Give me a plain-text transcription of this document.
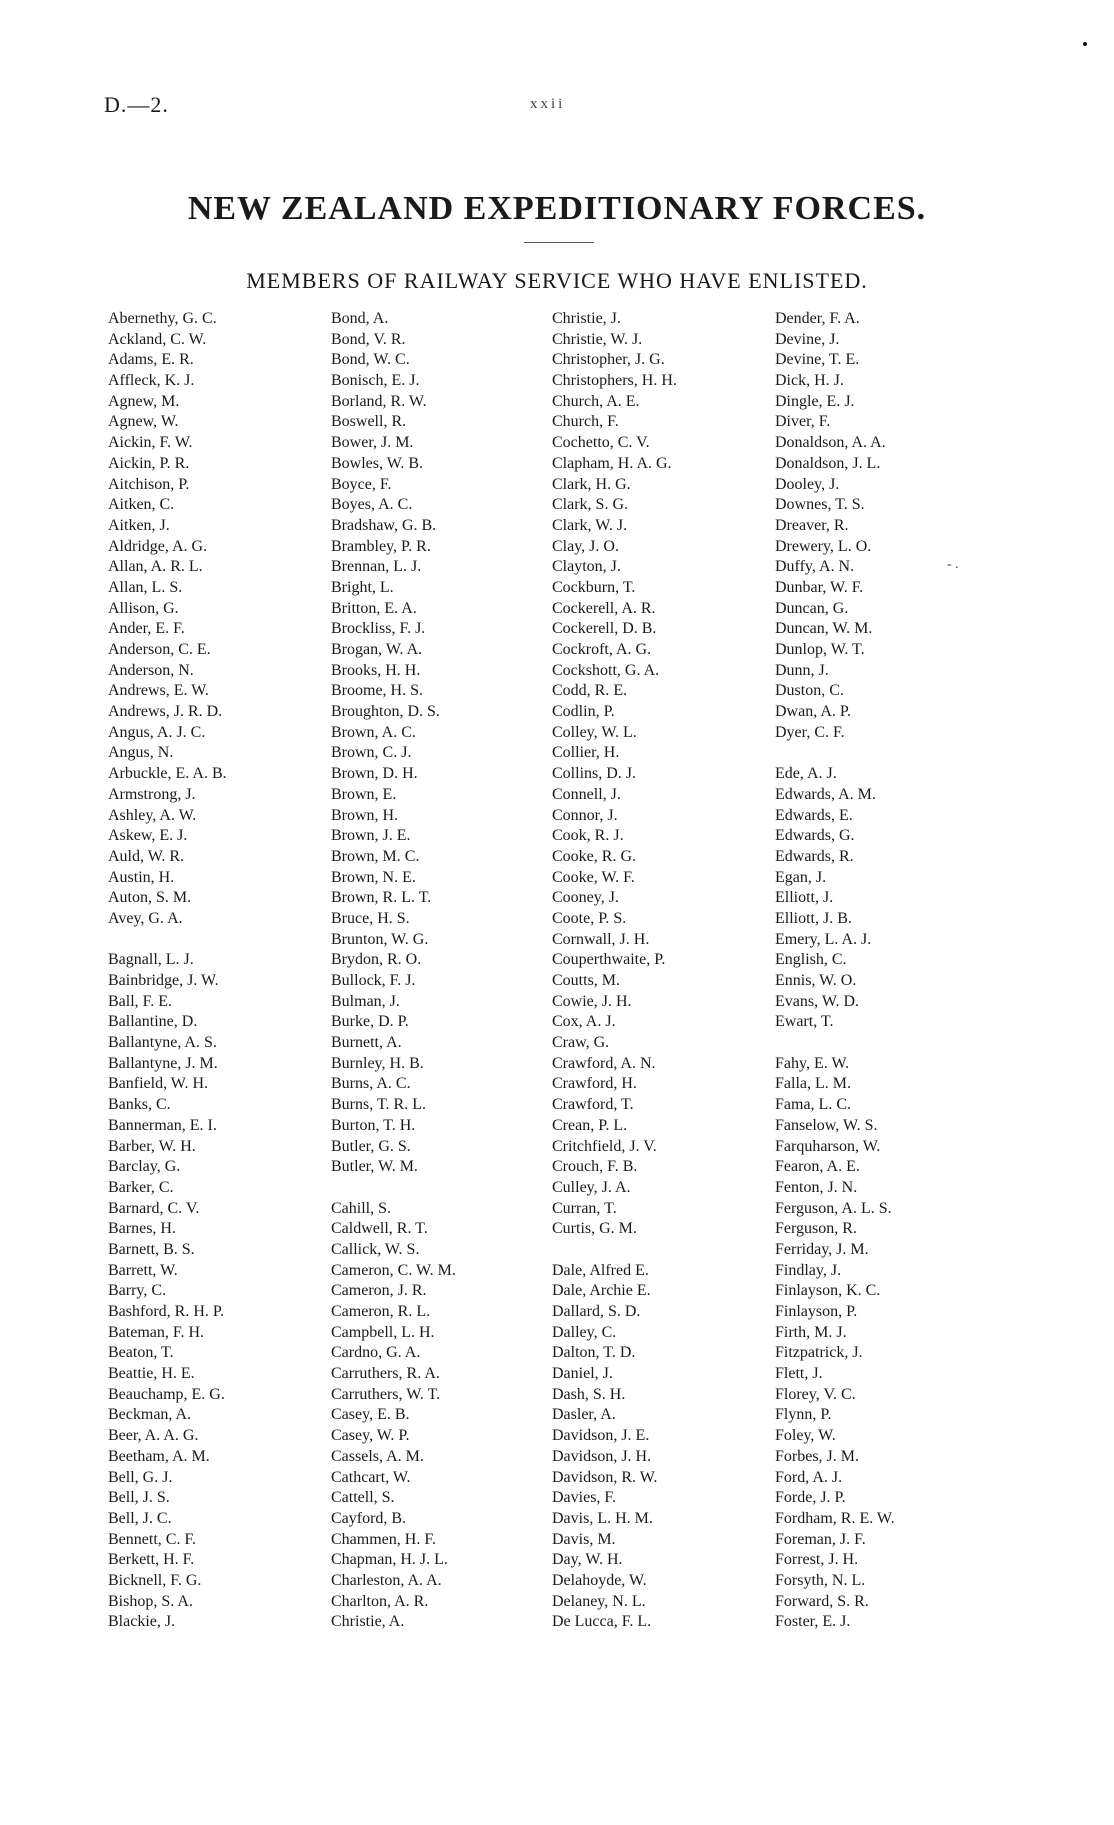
D.—2.	xxii
NEW ZEALAND EXPEDITIONARY FORCES.
MEMBERS OF RAILWAY SERVICE WHO HAVE ENLISTED.
‑ .
Abernethy, G. C.
Ackland, C. W.
Adams, E. R.
Affleck, K. J.
Agnew, M.
Agnew, W.
Aickin, F. W.
Aickin, P. R.
Aitchison, P.
Aitken, C.
Aitken, J.
Aldridge, A. G.
Allan, A. R. L.
Allan, L. S.
Allison, G.
Ander, E. F.
Anderson, C. E.
Anderson, N.
Andrews, E. W.
Andrews, J. R. D.
Angus, A. J. C.
Angus, N.
Arbuckle, E. A. B.
Armstrong, J.
Ashley, A. W.
Askew, E. J.
Auld, W. R.
Austin, H.
Auton, S. M.
Avey, G. A.
Bagnall, L. J.
Bainbridge, J. W.
Ball, F. E.
Ballantine, D.
Ballantyne, A. S.
Ballantyne, J. M.
Banfield, W. H.
Banks, C.
Bannerman, E. I.
Barber, W. H.
Barclay, G.
Barker, C.
Barnard, C. V.
Barnes, H.
Barnett, B. S.
Barrett, W.
Barry, C.
Bashford, R. H. P.
Bateman, F. H.
Beaton, T.
Beattie, H. E.
Beauchamp, E. G.
Beckman, A.
Beer, A. A. G.
Beetham, A. M.
Bell, G. J.
Bell, J. S.
Bell, J. C.
Bennett, C. F.
Berkett, H. F.
Bicknell, F. G.
Bishop, S. A.
Blackie, J.
Bond, A.
Bond, V. R.
Bond, W. C.
Bonisch, E. J.
Borland, R. W.
Boswell, R.
Bower, J. M.
Bowles, W. B.
Boyce, F.
Boyes, A. C.
Bradshaw, G. B.
Brambley, P. R.
Brennan, L. J.
Bright, L.
Britton, E. A.
Brockliss, F. J.
Brogan, W. A.
Brooks, H. H.
Broome, H. S.
Broughton, D. S.
Brown, A. C.
Brown, C. J.
Brown, D. H.
Brown, E.
Brown, H.
Brown, J. E.
Brown, M. C.
Brown, N. E.
Brown, R. L. T.
Bruce, H. S.
Brunton, W. G.
Brydon, R. O.
Bullock, F. J.
Bulman, J.
Burke, D. P.
Burnett, A.
Burnley, H. B.
Burns, A. C.
Burns, T. R. L.
Burton, T. H.
Butler, G. S.
Butler, W. M.
Cahill, S.
Caldwell, R. T.
Callick, W. S.
Cameron, C. W. M.
Cameron, J. R.
Cameron, R. L.
Campbell, L. H.
Cardno, G. A.
Carruthers, R. A.
Carruthers, W. T.
Casey, E. B.
Casey, W. P.
Cassels, A. M.
Cathcart, W.
Cattell, S.
Cayford, B.
Chammen, H. F.
Chapman, H. J. L.
Charleston, A. A.
Charlton, A. R.
Christie, A.
Christie, J.
Christie, W. J.
Christopher, J. G.
Christophers, H. H.
Church, A. E.
Church, F.
Cochetto, C. V.
Clapham, H. A. G.
Clark, H. G.
Clark, S. G.
Clark, W. J.
Clay, J. O.
Clayton, J.
Cockburn, T.
Cockerell, A. R.
Cockerell, D. B.
Cockroft, A. G.
Cockshott, G. A.
Codd, R. E.
Codlin, P.
Colley, W. L.
Collier, H.
Collins, D. J.
Connell, J.
Connor, J.
Cook, R. J.
Cooke, R. G.
Cooke, W. F.
Cooney, J.
Coote, P. S.
Cornwall, J. H.
Couperthwaite, P.
Coutts, M.
Cowie, J. H.
Cox, A. J.
Craw, G.
Crawford, A. N.
Crawford, H.
Crawford, T.
Crean, P. L.
Critchfield, J. V.
Crouch, F. B.
Culley, J. A.
Curran, T.
Curtis, G. M.
Dale, Alfred E.
Dale, Archie E.
Dallard, S. D.
Dalley, C.
Dalton, T. D.
Daniel, J.
Dash, S. H.
Dasler, A.
Davidson, J. E.
Davidson, J. H.
Davidson, R. W.
Davies, F.
Davis, L. H. M.
Davis, M.
Day, W. H.
Delahoyde, W.
Delaney, N. L.
De Lucca, F. L.
Dender, F. A.
Devine, J.
Devine, T. E.
Dick, H. J.
Dingle, E. J.
Diver, F.
Donaldson, A. A.
Donaldson, J. L.
Dooley, J.
Downes, T. S.
Dreaver, R.
Drewery, L. O.
Duffy, A. N.
Dunbar, W. F.
Duncan, G.
Duncan, W. M.
Dunlop, W. T.
Dunn, J.
Duston, C.
Dwan, A. P.
Dyer, C. F.
Ede, A. J.
Edwards, A. M.
Edwards, E.
Edwards, G.
Edwards, R.
Egan, J.
Elliott, J.
Elliott, J. B.
Emery, L. A. J.
English, C.
Ennis, W. O.
Evans, W. D.
Ewart, T.
Fahy, E. W.
Falla, L. M.
Fama, L. C.
Fanselow, W. S.
Farquharson, W.
Fearon, A. E.
Fenton, J. N.
Ferguson, A. L. S.
Ferguson, R.
Ferriday, J. M.
Findlay, J.
Finlayson, K. C.
Finlayson, P.
Firth, M. J.
Fitzpatrick, J.
Flett, J.
Florey, V. C.
Flynn, P.
Foley, W.
Forbes, J. M.
Ford, A. J.
Forde, J. P.
Fordham, R. E. W.
Foreman, J. F.
Forrest, J. H.
Forsyth, N. L.
Forward, S. R.
Foster, E. J.
